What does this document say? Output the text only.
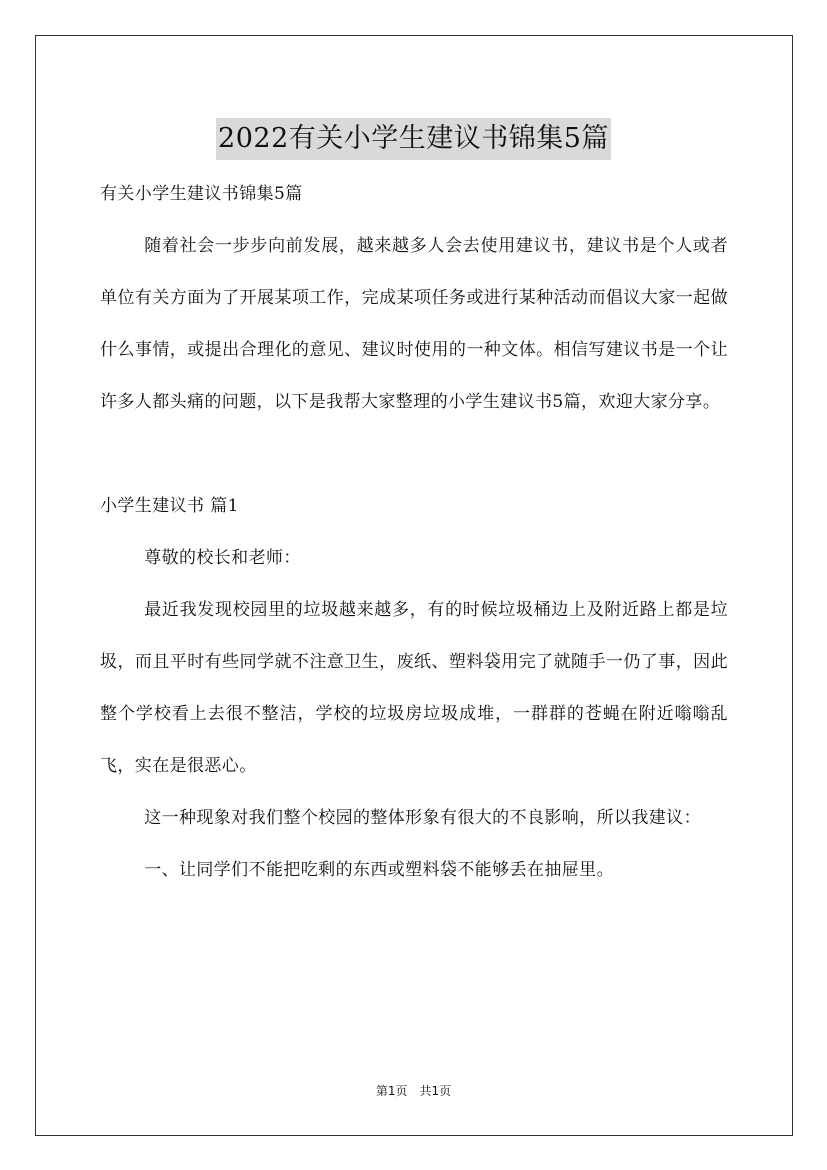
2022有关小学生建议书锦集5篇

有关小学生建议书锦集5篇

随着社会一步步向前发展，越来越多人会去使用建议书，建议书是个人或者单位有关方面为了开展某项工作，完成某项任务或进行某种活动而倡议大家一起做什么事情，或提出合理化的意见、建议时使用的一种文体。相信写建议书是一个让许多人都头痛的问题，以下是我帮大家整理的小学生建议书5篇，欢迎大家分享。

小学生建议书 篇1

尊敬的校长和老师：

最近我发现校园里的垃圾越来越多，有的时候垃圾桶边上及附近路上都是垃圾，而且平时有些同学就不注意卫生，废纸、塑料袋用完了就随手一仍了事，因此整个学校看上去很不整洁，学校的垃圾房垃圾成堆，一群群的苍蝇在附近嗡嗡乱飞，实在是很恶心。

这一种现象对我们整个校园的整体形象有很大的不良影响，所以我建议：

一、让同学们不能把吃剩的东西或塑料袋不能够丢在抽屉里。

第1页 共1页
